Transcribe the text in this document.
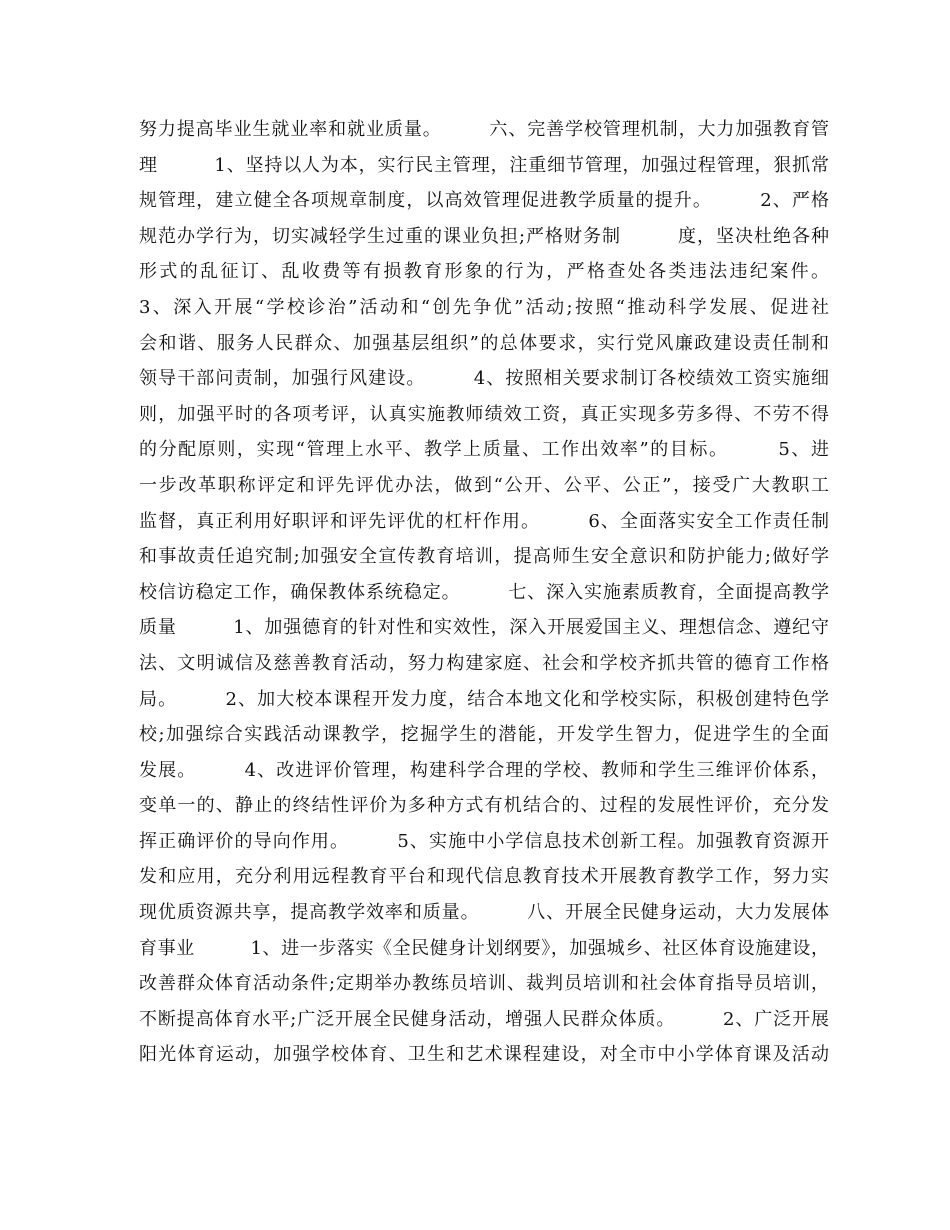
努力提高毕业生就业率和就业质量。　　　六、完善学校管理机制，大力加强教育管
理　　　1、坚持以人为本，实行民主管理，注重细节管理，加强过程管理，狠抓常
规管理，建立健全各项规章制度，以高效管理促进教学质量的提升。　　　2、严格
规范办学行为，切实减轻学生过重的课业负担;严格财务制　　　度，坚决杜绝各种
形式的乱征订、乱收费等有损教育形象的行为，严格查处各类违法违纪案件。
3、深入开展“学校诊治”活动和“创先争优”活动;按照“推动科学发展、促进社
会和谐、服务人民群众、加强基层组织”的总体要求，实行党风廉政建设责任制和
领导干部问责制，加强行风建设。　　　4、按照相关要求制订各校绩效工资实施细
则，加强平时的各项考评，认真实施教师绩效工资，真正实现多劳多得、不劳不得
的分配原则，实现“管理上水平、教学上质量、工作出效率”的目标。　　　5、进
一步改革职称评定和评先评优办法，做到“公开、公平、公正”，接受广大教职工
监督，真正利用好职评和评先评优的杠杆作用。　　　6、全面落实安全工作责任制
和事故责任追究制;加强安全宣传教育培训，提高师生安全意识和防护能力;做好学
校信访稳定工作，确保教体系统稳定。　　　七、深入实施素质教育，全面提高教学
质量　　　1、加强德育的针对性和实效性，深入开展爱国主义、理想信念、遵纪守
法、文明诚信及慈善教育活动，努力构建家庭、社会和学校齐抓共管的德育工作格
局。　　　2、加大校本课程开发力度，结合本地文化和学校实际，积极创建特色学
校;加强综合实践活动课教学，挖掘学生的潜能，开发学生智力，促进学生的全面
发展。　　　4、改进评价管理，构建科学合理的学校、教师和学生三维评价体系，
变单一的、静止的终结性评价为多种方式有机结合的、过程的发展性评价，充分发
挥正确评价的导向作用。　　　5、实施中小学信息技术创新工程。加强教育资源开
发和应用，充分利用远程教育平台和现代信息教育技术开展教育教学工作，努力实
现优质资源共享，提高教学效率和质量。　　　八、开展全民健身运动，大力发展体
育事业　　　1、进一步落实《全民健身计划纲要》，加强城乡、社区体育设施建设，
改善群众体育活动条件;定期举办教练员培训、裁判员培训和社会体育指导员培训，
不断提高体育水平;广泛开展全民健身活动，增强人民群众体质。　　　2、广泛开展
阳光体育运动，加强学校体育、卫生和艺术课程建设，对全市中小学体育课及活动
